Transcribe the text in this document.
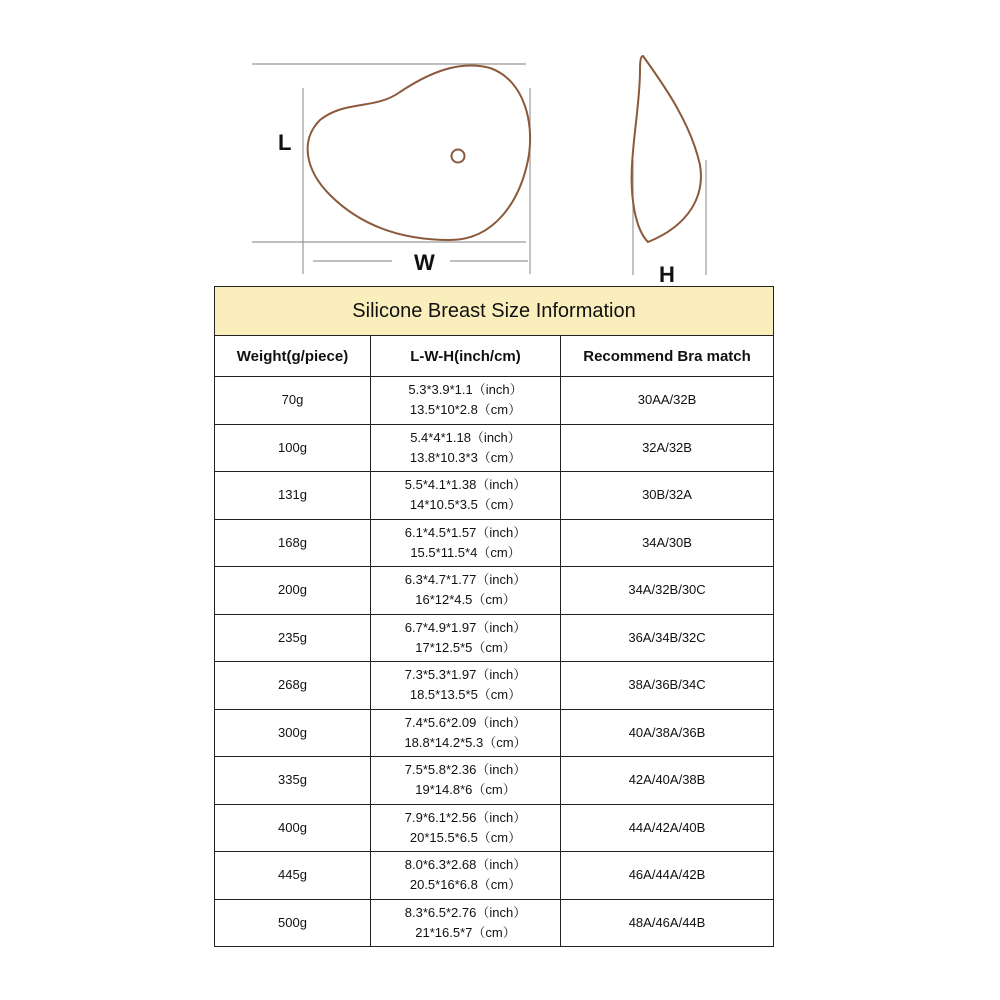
L
W	H
Silicone Breast Size Information		
Weight(g/piece)	L-W-H(inch/cm)	Recommend Bra match
70g	5.3*3.9*1.1（inch）
13.5*10*2.8（cm）	30AA/32B
100g	5.4*4*1.18（inch）
13.8*10.3*3（cm）	32A/32B
131g	5.5*4.1*1.38（inch）
14*10.5*3.5（cm）	30B/32A
168g	6.1*4.5*1.57（inch）
15.5*11.5*4（cm）	34A/30B
200g	6.3*4.7*1.77（inch）
16*12*4.5（cm）	34A/32B/30C
235g	6.7*4.9*1.97（inch）
17*12.5*5（cm）	36A/34B/32C
268g	7.3*5.3*1.97（inch）
18.5*13.5*5（cm）	38A/36B/34C
300g	7.4*5.6*2.09（inch）
18.8*14.2*5.3（cm）	40A/38A/36B
335g	7.5*5.8*2.36（inch）
19*14.8*6（cm）	42A/40A/38B
400g	7.9*6.1*2.56（inch）
20*15.5*6.5（cm）	44A/42A/40B
445g	8.0*6.3*2.68（inch）
20.5*16*6.8（cm）	46A/44A/42B
500g	8.3*6.5*2.76（inch）
21*16.5*7（cm）	48A/46A/44B
